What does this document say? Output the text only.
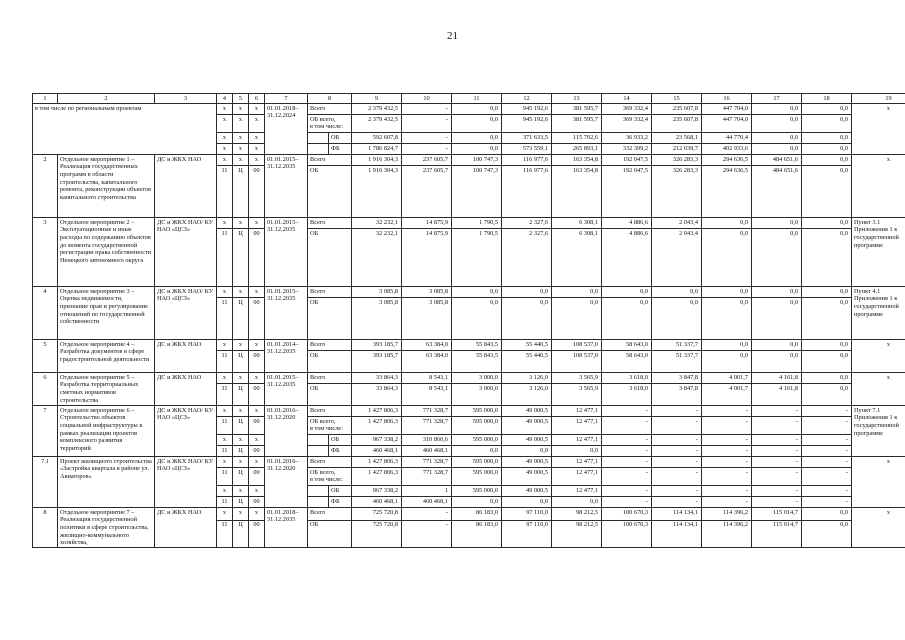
21
1	2	3	4	5	6	7	8		9	10	11	12	13	14	15	16	17	18	19

в том числе по региональным проектам			x	x	x	01.01.2018–
31.12.2024	Всего		2 379 432,5	-	0,0	945 192,6	381 595,7	369 332,4	235 607,8	447 704,0	0,0	0,0	x

			x	x	x		ОБ всего,
в том числе:		2 379 432,5	-	0,0	945 192,6	381 595,7	369 332,4	235 607,8	447 704,0	0,0	0,0	

			x	x	x			ОБ	592 607,8	-	0,0	371 633,5	115 702,6	36 933,2	23 568,1	44 770,4	0,0	0,0	

			x	x	x			ФБ	1 786 824,7	-	0,0	573 559,1	265 893,1	332 399,2	212 039,7	402 933,6	0,0	0,0	

2	Отдельное мероприятие 1 – Реализация государственных программ в области строительства, капитального ремонта, реконструкции объектов капитального строительства	ДС и ЖКХ НАО	x	x	x	01.01.2015–
31.12.2035	Всего		1 916 304,3	237 605,7	100 747,3	116 977,6	163 354,8	192 047,5	326 283,3	294 636,5	484 651,6	0,0	x

			11	Ц	00		ОБ		1 916 304,3	237 605,7	100 747,3	116 977,6	163 354,8	192 047,5	326 283,3	294 636,5	484 651,6	0,0	

3	Отдельное мероприятие 2 – Эксплуатационные и иные расходы по содержанию объектов до момента государственной регистрации права собственности Ненецкого автономного округа	ДС и ЖКХ НАО/ КУ НАО «ЦСЗ»	x	x	x	01.01.2015–
31.12.2035	Всего		32 232,1	14 875,9	1 790,5	2 327,6	6 308,1	4 886,6	2 043,4	0,0	0,0	0,0	Пункт 3.1
Приложения 1 к государственной программе

			11	Ц	00		ОБ		32 232,1	14 875,9	1 790,5	2 327,6	6 308,1	4 886,6	2 043,4	0,0	0,0	0,0	

4	Отдельное мероприятие 3 – Оценка недвижимости, признание прав и регулирование отношений по государственной собственности	ДС и ЖКХ НАО/ КУ НАО «ЦСЗ»	x	x	x	01.01.2015–
31.12.2035	Всего		3 085,8	3 085,8	0,0	0,0	0,0	0,0	0,0	0,0	0,0	0,0	Пункт 4.1
Приложения 1 к государственной программе

			11	Ц	00		ОБ		3 085,8	3 085,8	0,0	0,0	0,0	0,0	0,0	0,0	0,0	0,0	

5	Отдельное мероприятие 4 – Разработка документов в сфере градостроительной деятельности	ДС и ЖКХ НАО	x	x	x	01.01.2014–
31.12.2035	Всего		393 185,7	63 384,0	55 843,5	55 440,5	108 537,0	58 643,0	51 337,7	0,0	0,0	0,0	x

			11	Ц	00		ОБ		393 185,7	63 384,0	55 843,5	55 440,5	108 537,0	58 643,0	51 337,7	0,0	0,0	0,0	

6	Отдельное мероприятие 5 – Разработка территориальных сметных нормативов строительства	ДС и ЖКХ НАО	x	x	x	01.01.2015–
31.12.2035	Всего		33 864,3	8 543,1	3 000,0	3 126,0	3 565,9	3 618,0	3 847,8	4 001,7	4 161,8	0,0	x

			11	Ц	00		ОБ		33 864,3	8 543,1	3 000,0	3 126,0	3 565,9	3 618,0	3 847,8	4 001,7	4 161,8	0,0	

7	Отдельное мероприятие 6 – Строительство объектов социальной инфраструктуры в рамках реализации проектов комплексного развития территорий	ДС и ЖКХ НАО/ КУ НАО «ЦСЗ»	x	x	x	01.01.2016–
31.12.2020	Всего		1 427 806,3	771 328,7	595 000,0	49 000,5	12 477,1	-	-	-	-	-	Пункт 7.1
Приложения 1 к государственной программе

			11	Ц	00		ОБ всего,
в том числе:		1 427 806,3	771 328,7	595 000,0	49 000,5	12 477,1	-	-	-	-	-	

			x	x	x			ОБ	967 338,2	310 860,6	595 000,0	49 000,5	12 477,1	-	-	-	-	-	

			11	Ц	00			ФБ	460 468,1	460 468,1	0,0	0,0	0,0	-	-	-	-	-	

7.1	Проект жилищного строительства «Застройка квартала в районе ул. Авиаторов»	ДС и ЖКХ НАО/ КУ НАО «ЦСЗ»	x	x	x	01.01.2016–
31.12.2020	Всего		1 427 806,3	771 328,7	595 000,0	49 000,5	12 477,1	-	-	-	-	-	x

			11	Ц	00		ОБ всего,
в том числе:		1 427 806,3	771 328,7	595 000,0	49 000,5	12 477,1	-	-	-	-	-	

			x	x	x			ОБ	967 338,2	1	595 000,0	49 000,5	12 477,1	-	-	-	-	-	

			11	Ц	00			ФБ	460 468,1	460 468,1	0,0	0,0	0,0	-	-	-	-	-	

8	Отдельное мероприятие 7 – Реализация государственной политики в сфере строительства, жилищно-коммунального хозяйства,	ДС и ЖКХ НАО	x	x	x	01.01.2018–
31.12.2035	Всего		725 720,8	-	86 183,0	97 110,0	98 212,5	100 670,3	114 134,1	114 396,2	115 014,7	0,0	x

			11	Ц	00		ОБ		725 720,8	-	86 183,0	97 110,0	98 212,5	100 670,3	114 134,1	114 396,2	115 014,7	0,0	
